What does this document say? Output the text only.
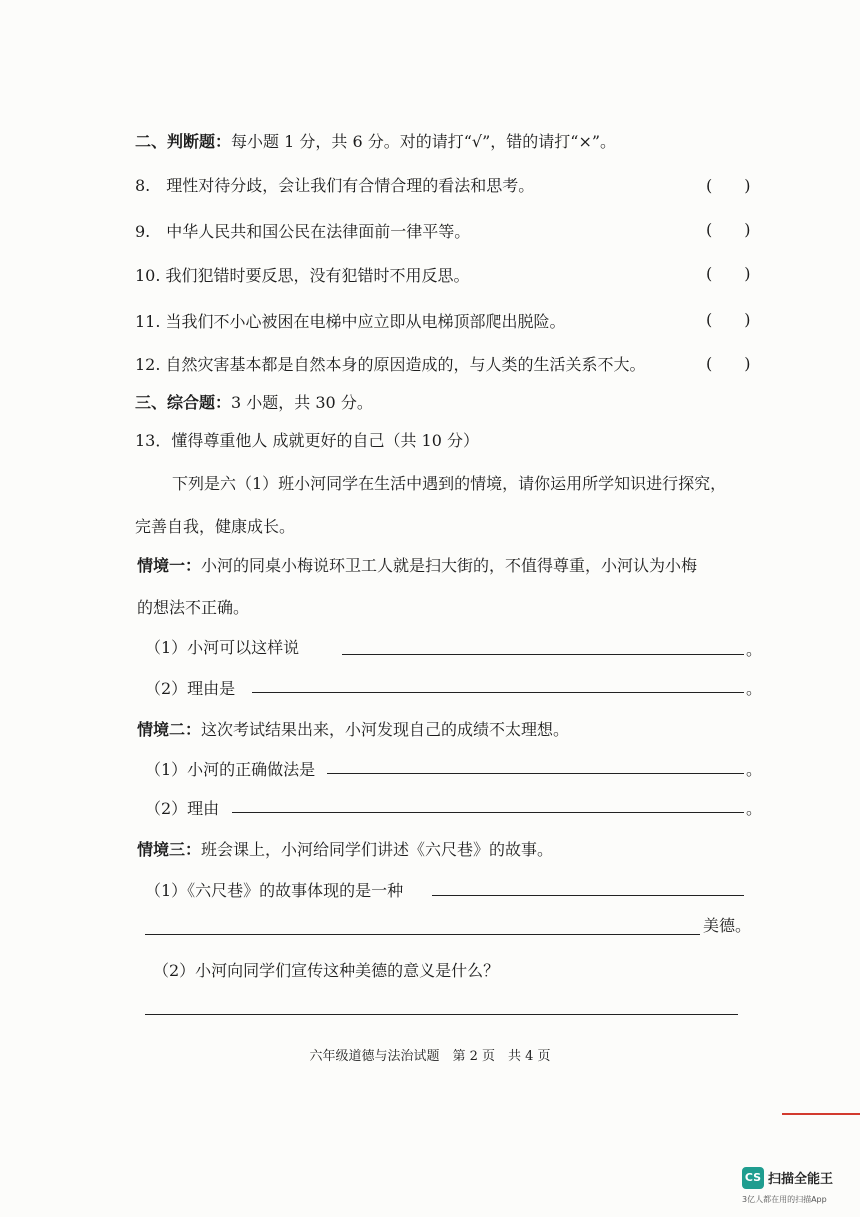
二、判断题：每小题 1 分，共 6 分。对的请打“√”，错的请打“×”。
8.　理性对待分歧，会让我们有合情合理的看法和思考。	(　　)
9.　中华人民共和国公民在法律面前一律平等。	(　　)
10. 我们犯错时要反思，没有犯错时不用反思。	(　　)
11. 当我们不小心被困在电梯中应立即从电梯顶部爬出脱险。	(　　)
12. 自然灾害基本都是自然本身的原因造成的，与人类的生活关系不大。	(　　)
三、综合题：3 小题，共 30 分。
13．懂得尊重他人 成就更好的自己（共 10 分）
下列是六（1）班小河同学在生活中遇到的情境，请你运用所学知识进行探究，
完善自我，健康成长。
情境一：小河的同桌小梅说环卫工人就是扫大街的，不值得尊重，小河认为小梅
的想法不正确。
（1）小河可以这样说	。
（2）理由是	。
情境二：这次考试结果出来，小河发现自己的成绩不太理想。
（1）小河的正确做法是	。
（2）理由	。
情境三：班会课上，小河给同学们讲述《六尺巷》的故事。
（1）《六尺巷》的故事体现的是一种
美德。
（2）小河向同学们宣传这种美德的意义是什么？
六年级道德与法治试题　第 2 页　共 4 页
CS 扫描全能王
3亿人都在用的扫描App
